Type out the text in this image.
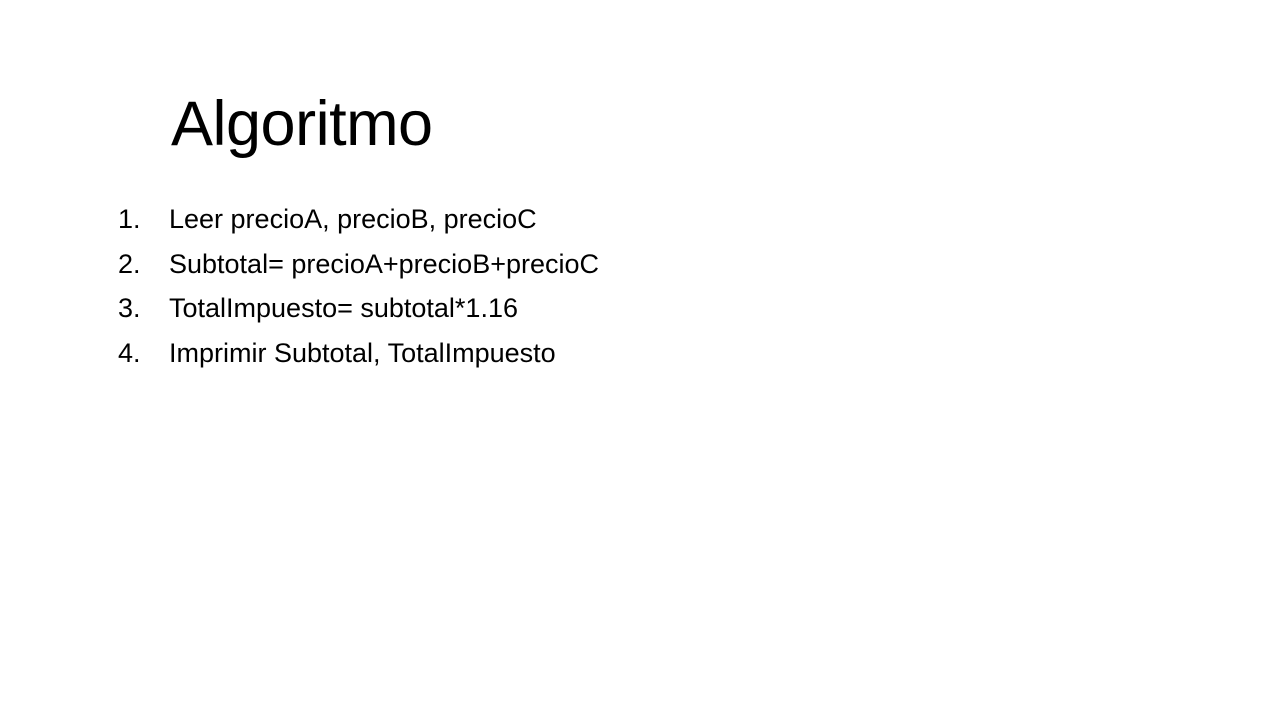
Algoritmo
1.	Leer precioA, precioB, precioC
2.	Subtotal= precioA+precioB+precioC
3.	TotalImpuesto= subtotal*1.16
4.	Imprimir Subtotal, TotalImpuesto
